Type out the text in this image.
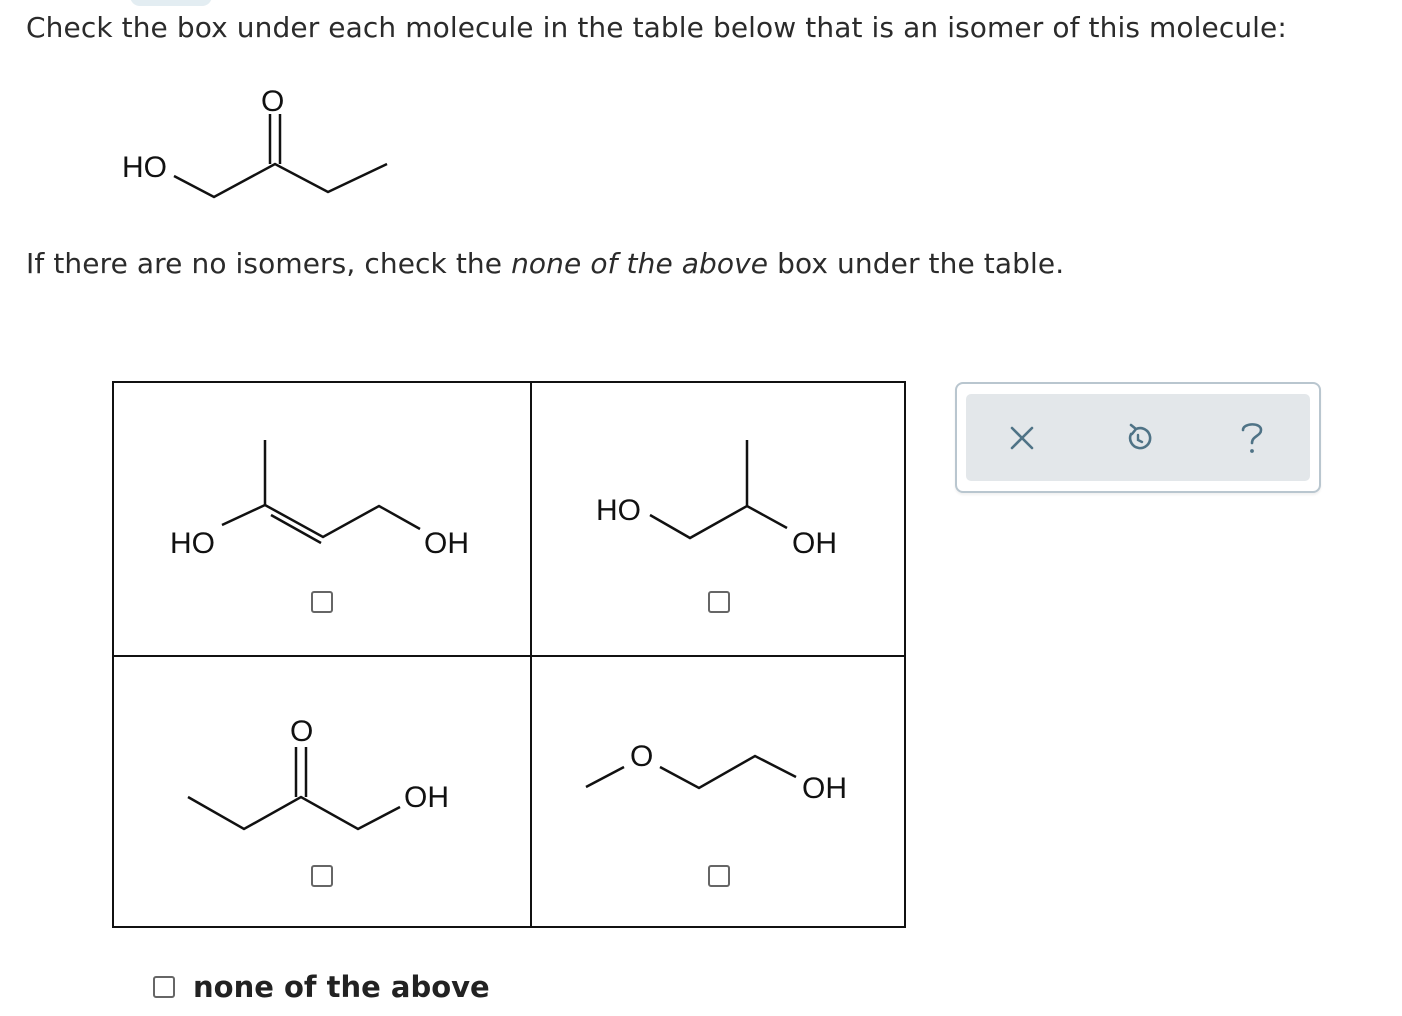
Check the box under each molecule in the table below that is an isomer of this molecule:
HO
O
If there are no isomers, check the none of the above box under the table.
HO	OH
HO
OH
O
OH
O
OH
none of the above
